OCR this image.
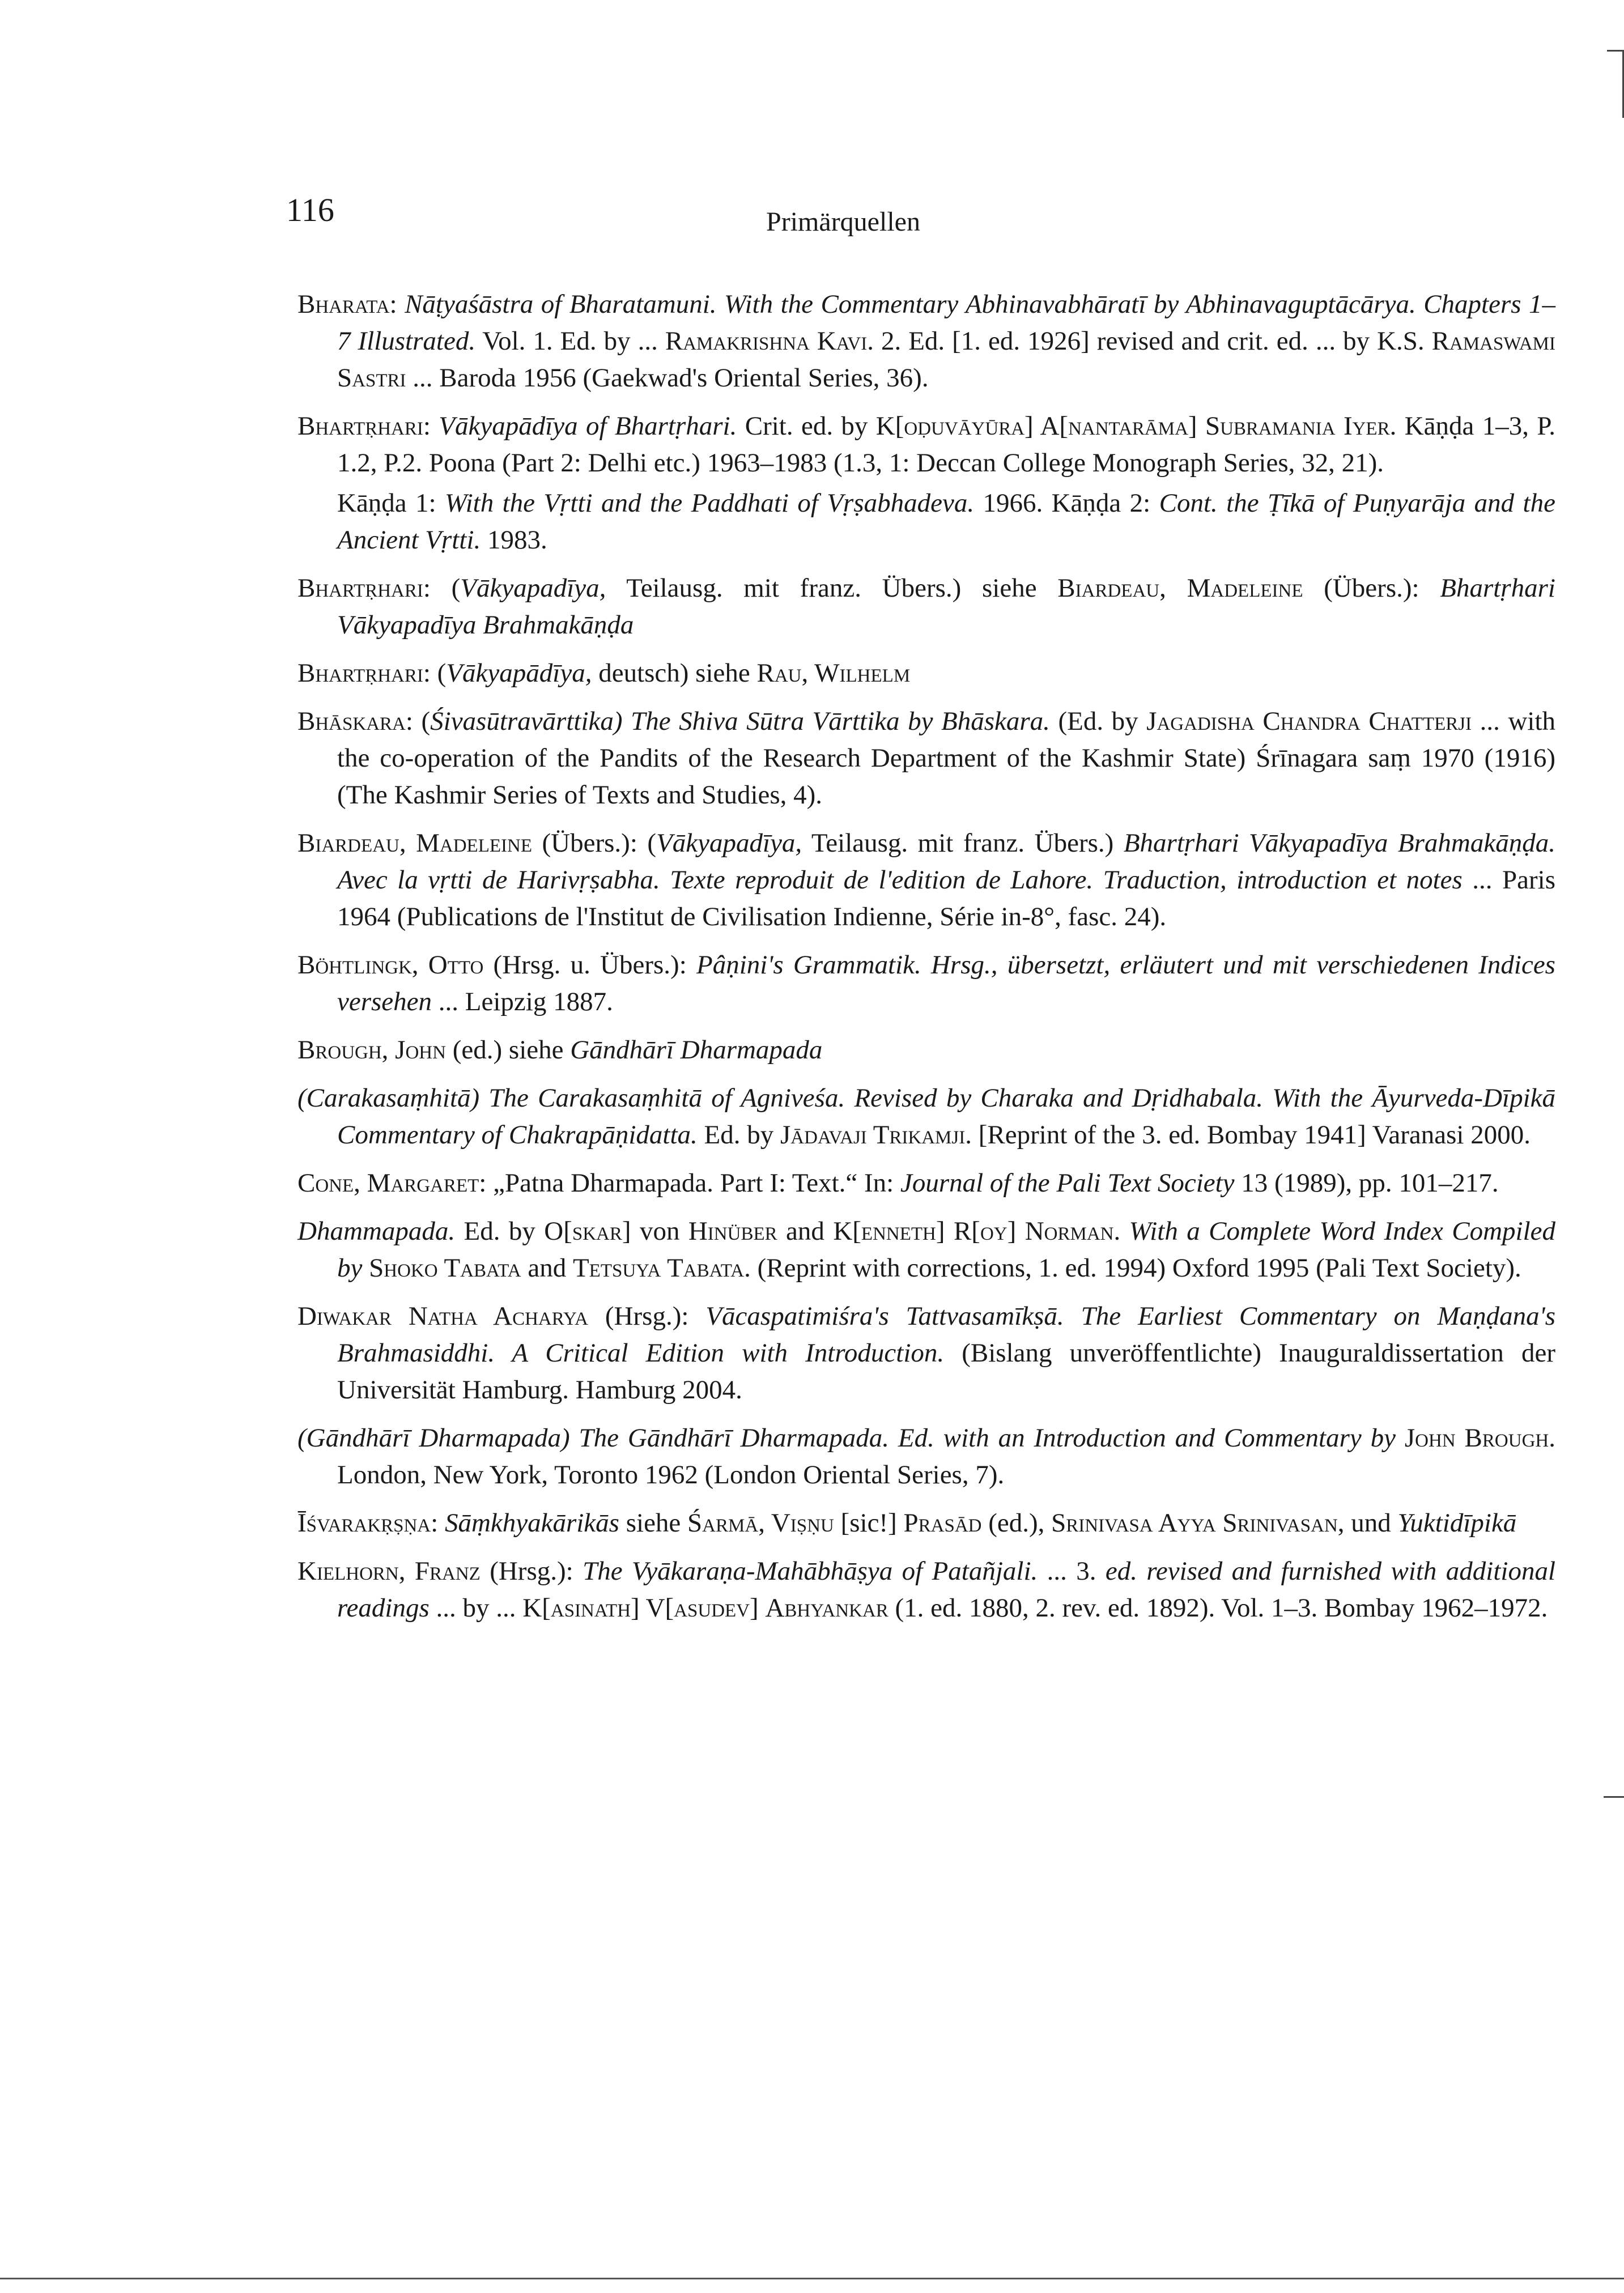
116	Primärquellen

Bharata: Nāṭyaśāstra of Bharatamuni. With the Commentary Abhinavabhāratī by Abhinavaguptācārya. Chapters 1–7 Illustrated. Vol. 1. Ed. by ... Ramakrishna Kavi. 2. Ed. [1. ed. 1926] revised and crit. ed. ... by K.S. Ramaswami Sastri ... Baroda 1956 (Gaekwad's Oriental Series, 36).

Bhartṛhari: Vākyapādīya of Bhartṛhari. Crit. ed. by K[oḍuvāyūra] A[nantarāma] Subramania Iyer. Kāṇḍa 1–3, P. 1.2, P.2. Poona (Part 2: Delhi etc.) 1963–1983 (1.3, 1: Deccan College Monograph Series, 32, 21).

Kāṇḍa 1: With the Vṛtti and the Paddhati of Vṛṣabhadeva. 1966. Kāṇḍa 2: Cont. the Ṭīkā of Puṇyarāja and the Ancient Vṛtti. 1983.

Bhartṛhari: (Vākyapadīya, Teilausg. mit franz. Übers.) siehe Biardeau, Madeleine (Übers.): Bhartṛhari Vākyapadīya Brahmakāṇḍa

Bhartṛhari: (Vākyapādīya, deutsch) siehe Rau, Wilhelm

Bhāskara: (Śivasūtravārttika) The Shiva Sūtra Vārttika by Bhāskara. (Ed. by Jagadisha Chandra Chatterji ... with the co-operation of the Pandits of the Research Department of the Kashmir State) Śrīnagara saṃ 1970 (1916) (The Kashmir Series of Texts and Studies, 4).

Biardeau, Madeleine (Übers.): (Vākyapadīya, Teilausg. mit franz. Übers.) Bhartṛhari Vākyapadīya Brahmakāṇḍa. Avec la vṛtti de Harivṛṣabha. Texte reproduit de l'edition de Lahore. Traduction, introduction et notes ... Paris 1964 (Publications de l'Institut de Civilisation Indienne, Série in-8°, fasc. 24).

Böhtlingk, Otto (Hrsg. u. Übers.): Pâṇini's Grammatik. Hrsg., übersetzt, erläutert und mit verschiedenen Indices versehen ... Leipzig 1887.

Brough, John (ed.) siehe Gāndhārī Dharmapada

(Carakasaṃhitā) The Carakasaṃhitā of Agniveśa. Revised by Charaka and Dṛidhabala. With the Āyurveda-Dīpikā Commentary of Chakrapāṇidatta. Ed. by Jādavaji Trikamji. [Reprint of the 3. ed. Bombay 1941] Varanasi 2000.

Cone, Margaret: „Patna Dharmapada. Part I: Text.“ In: Journal of the Pali Text Society 13 (1989), pp. 101–217.

Dhammapada. Ed. by O[skar] von Hinüber and K[enneth] R[oy] Norman. With a Complete Word Index Compiled by Shoko Tabata and Tetsuya Tabata. (Reprint with corrections, 1. ed. 1994) Oxford 1995 (Pali Text Society).

Diwakar Natha Acharya (Hrsg.): Vācaspatimiśra's Tattvasamīkṣā. The Earliest Commentary on Maṇḍana's Brahmasiddhi. A Critical Edition with Introduction. (Bislang unveröffentlichte) Inauguraldissertation der Universität Hamburg. Hamburg 2004.

(Gāndhārī Dharmapada) The Gāndhārī Dharmapada. Ed. with an Introduction and Commentary by John Brough. London, New York, Toronto 1962 (London Oriental Series, 7).

Īśvarakṛṣṇa: Sāṃkhyakārikās siehe Śarmā, Viṣṇu [sic!] Prasād (ed.), Srinivasa Ayya Srinivasan, und Yuktidīpikā

Kielhorn, Franz (Hrsg.): The Vyākaraṇa-Mahābhāṣya of Patañjali. ... 3. ed. revised and furnished with additional readings ... by ... K[asinath] V[asudev] Abhyankar (1. ed. 1880, 2. rev. ed. 1892). Vol. 1–3. Bombay 1962–1972.
